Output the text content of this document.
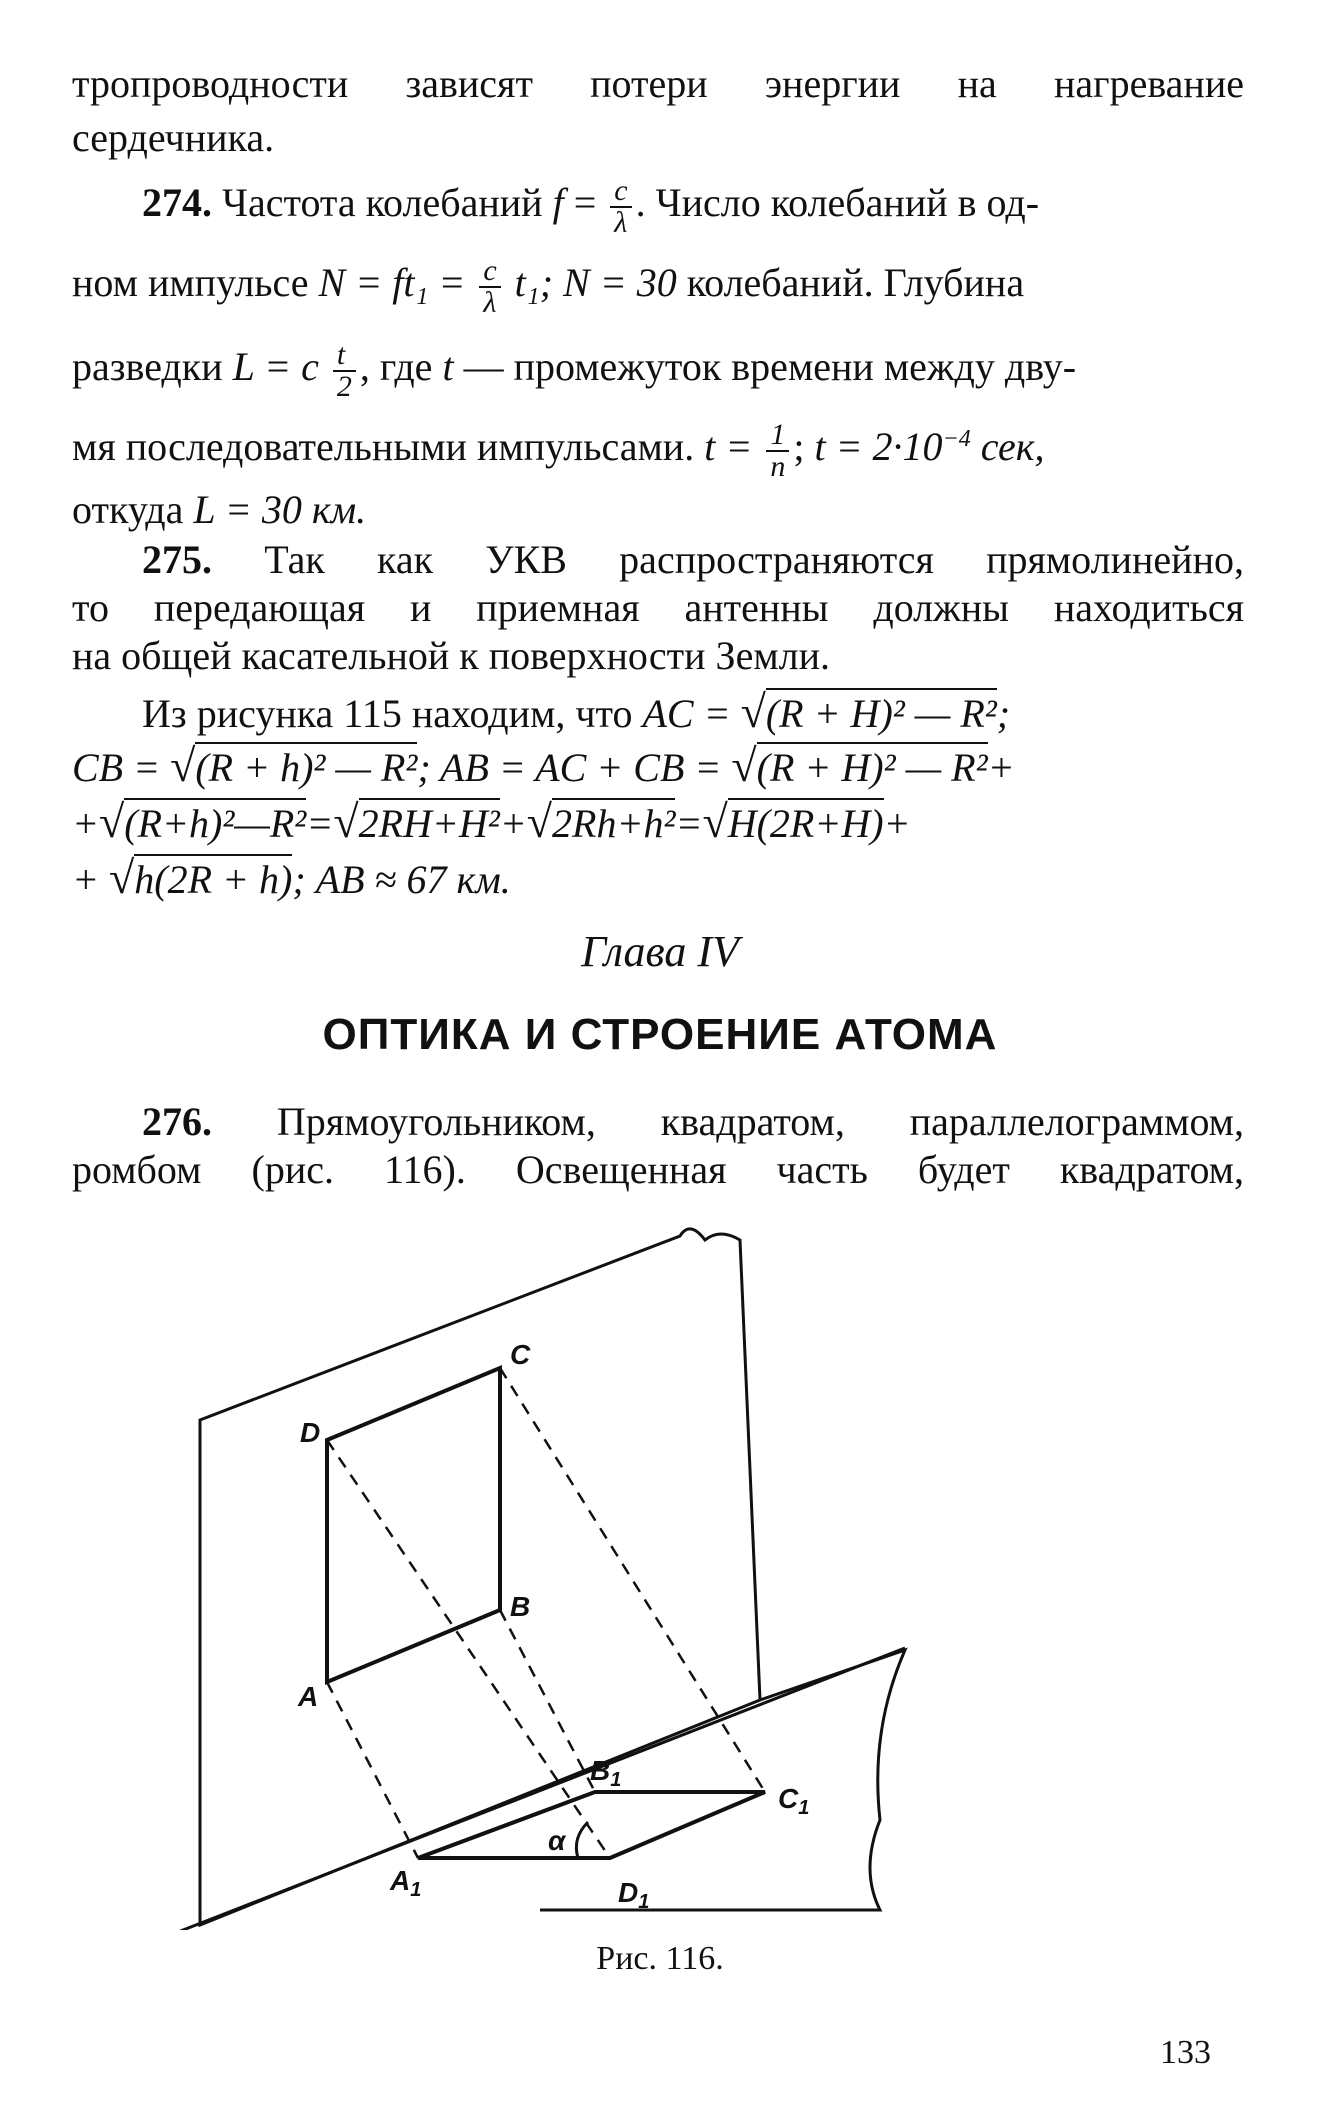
тропроводности зависят потери энергии на нагревание
сердечника.
274. Частота колебаний $f = \frac{c}{\lambda}$ . Число колебаний в од-
ном импульсе $N = ft_1 = \frac{c}{\lambda} t_1$; N = 30 колебаний. Глубина
разведки L = c $\frac{t}{2}$ , где t — промежуток времени между дву-
мя последовательными импульсами. $t = \frac{1}{n}$ ; $t = 2\cdot 10^{-4}$ сек,
откуда L = 30 км.
275. Так как УКВ распространяются прямолинейно,
то передающая и приемная антенны должны находиться
на общей касательной к поверхности Земли.
Из рисунка 115 находим, что AC = √(R + H)² — R²;
CB = √(R + h)² — R²; AB = AC + CB = √(R + H)² — R²+
+√(R+h)²—R²=√2RH+H²+√2Rh+h²=√H(2R+H)+
+ √h(2R + h); AB ≈ 67 км.
Глава IV
ОПТИКА И СТРОЕНИЕ АТОМА
276. Прямоугольником, квадратом, параллелограммом,
ромбом (рис. 116). Освещенная часть будет квадратом,
C
D
B
A
$B_1$
$C_1$
$A_1$	$D_1$
α
Рис. 116.
133
